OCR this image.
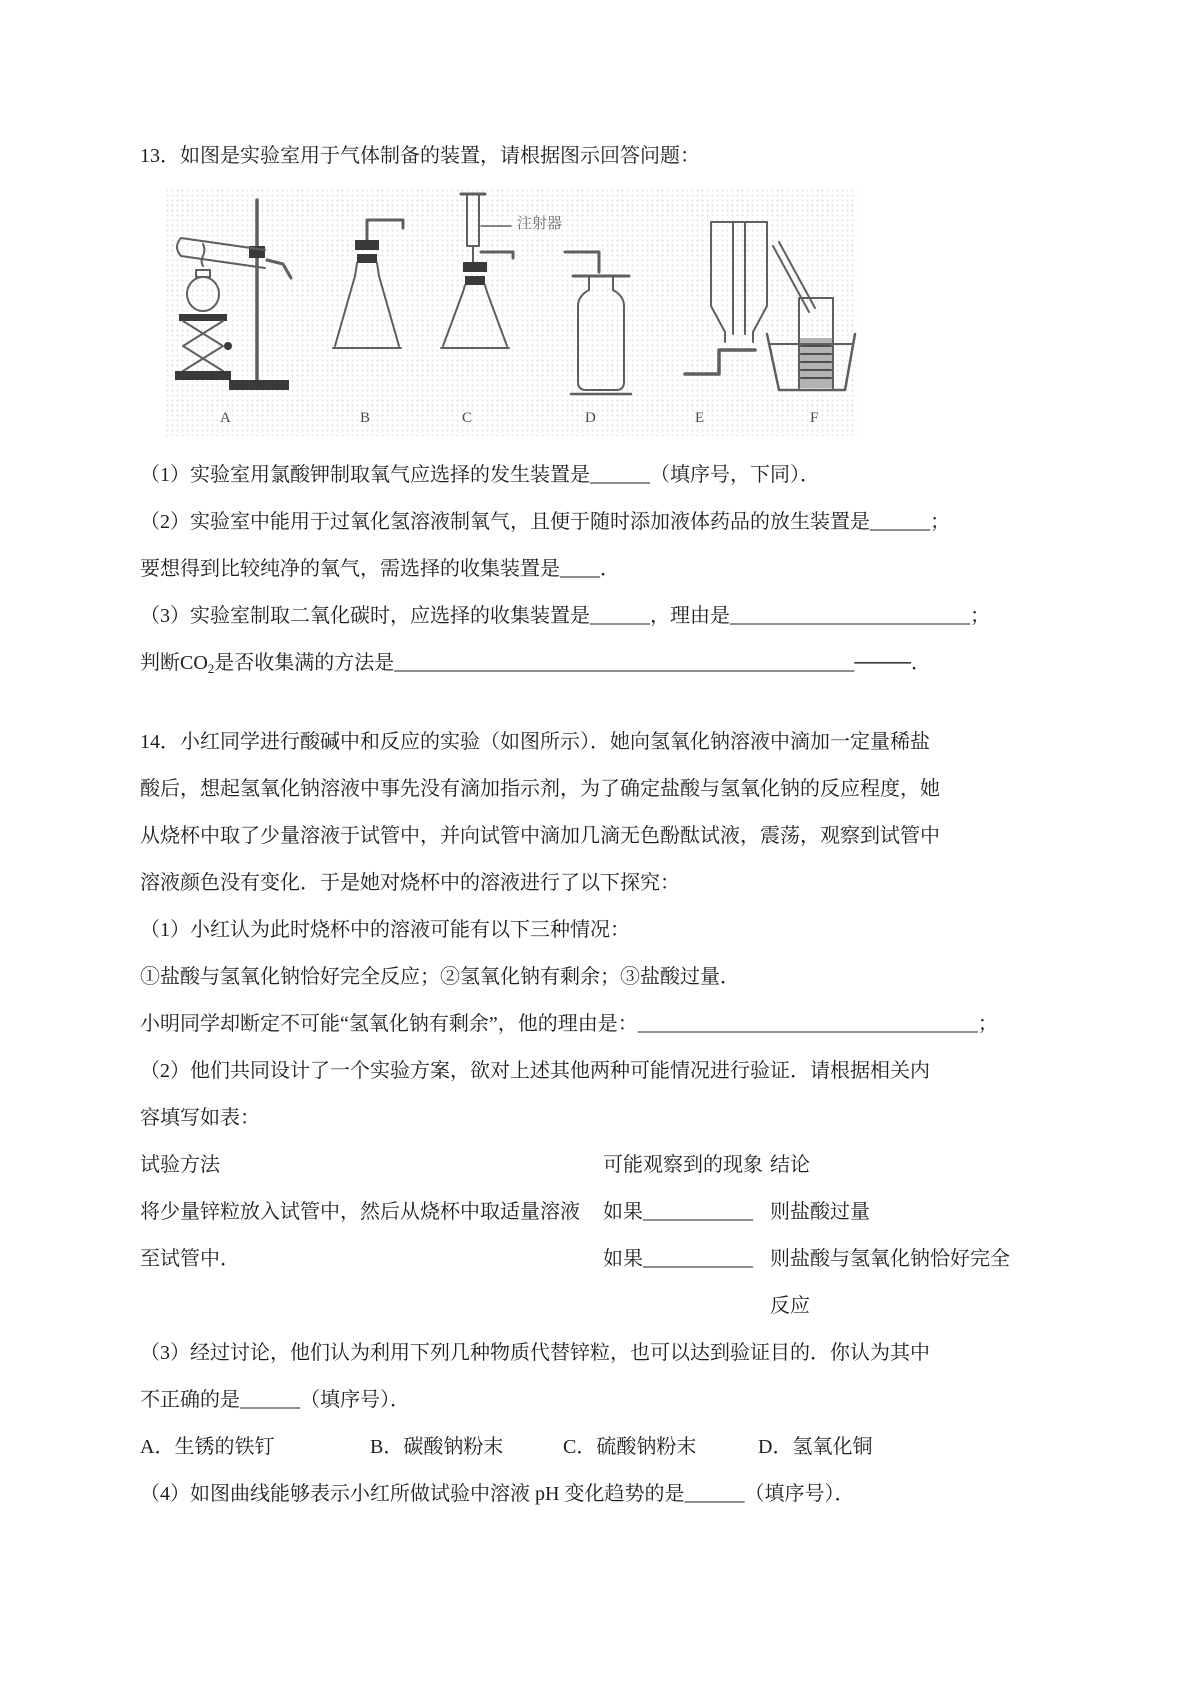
13．如图是实验室用于气体制备的装置，请根据图示回答问题：
注射器
A	B	C	D	E	F
（1）实验室用氯酸钾制取氧气应选择的发生装置是______（填序号，下同）．
（2）实验室中能用于过氧化氢溶液制氧气，且便于随时添加液体药品的放生装置是______；
要想得到比较纯净的氧气，需选择的收集装置是____．
（3）实验室制取二氧化碳时，应选择的收集装置是______，理由是________________________；
判断$CO_2$是否收集满的方法是______________________________________________────．
14．小红同学进行酸碱中和反应的实验（如图所示）．她向氢氧化钠溶液中滴加一定量稀盐
酸后，想起氢氧化钠溶液中事先没有滴加指示剂，为了确定盐酸与氢氧化钠的反应程度，她
从烧杯中取了少量溶液于试管中，并向试管中滴加几滴无色酚酞试液，震荡，观察到试管中
溶液颜色没有变化．于是她对烧杯中的溶液进行了以下探究：
（1）小红认为此时烧杯中的溶液可能有以下三种情况：
①盐酸与氢氧化钠恰好完全反应；②氢氧化钠有剩余；③盐酸过量．
小明同学却断定不可能“氢氧化钠有剩余”，他的理由是：__________________________________；
（2）他们共同设计了一个实验方案，欲对上述其他两种可能情况进行验证．请根据相关内
容填写如表：
试验方法	可能观察到的现象 结论
将少量锌粒放入试管中，然后从烧杯中取适量溶液	如果___________ 则盐酸过量
至试管中．	如果___________ 则盐酸与氢氧化钠恰好完全反应
（3）经过讨论，他们认为利用下列几种物质代替锌粒，也可以达到验证目的．你认为其中
不正确的是______（填序号）．
A．生锈的铁钉	B．碳酸钠粉末	C．硫酸钠粉末	D．氢氧化铜
（4）如图曲线能够表示小红所做试验中溶液 pH 变化趋势的是______（填序号）．
